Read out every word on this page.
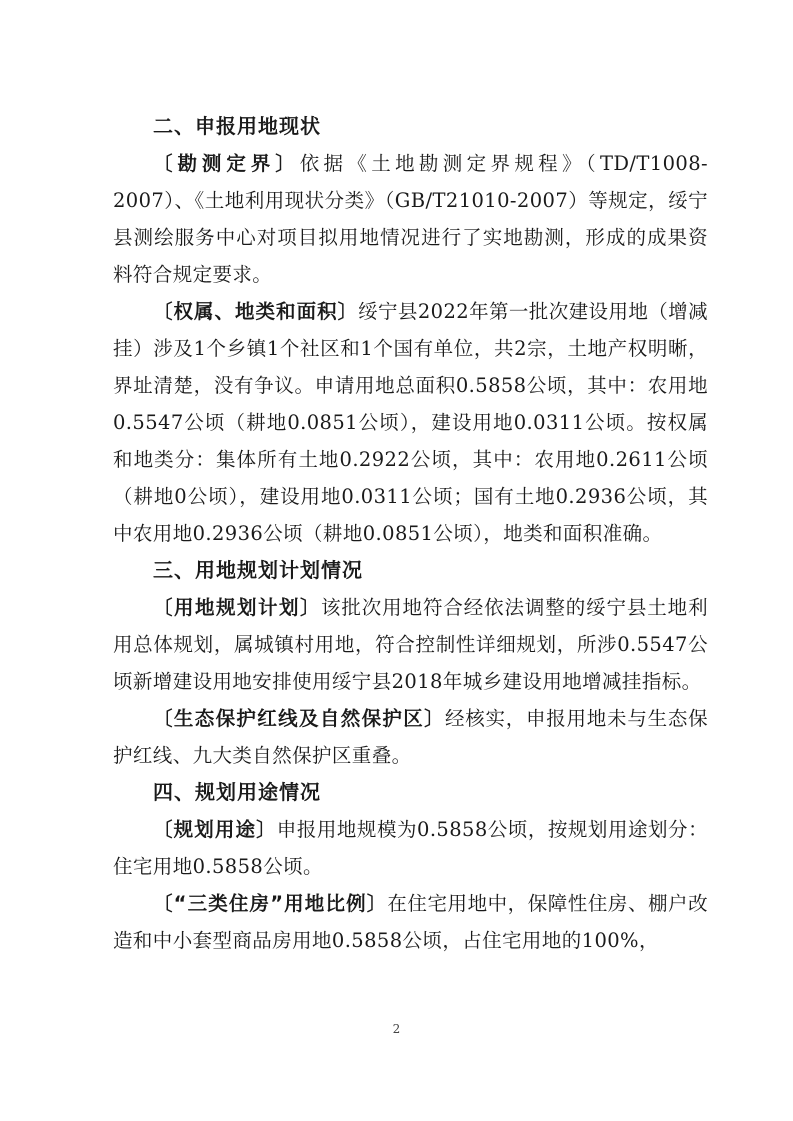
二、申报用地现状

〔勘测定界〕依据《土地勘测定界规程》（TD/T1008-2007）、《土地利用现状分类》（GB/T21010-2007）等规定，绥宁县测绘服务中心对项目拟用地情况进行了实地勘测，形成的成果资料符合规定要求。

〔权属、地类和面积〕绥宁县2022年第一批次建设用地（增减挂）涉及1个乡镇1个社区和1个国有单位，共2宗，土地产权明晰，界址清楚，没有争议。申请用地总面积0.5858公顷，其中：农用地0.5547公顷（耕地0.0851公顷），建设用地0.0311公顷。按权属和地类分：集体所有土地0.2922公顷，其中：农用地0.2611公顷（耕地0公顷），建设用地0.0311公顷；国有土地0.2936公顷，其中农用地0.2936公顷（耕地0.0851公顷），地类和面积准确。

三、用地规划计划情况

〔用地规划计划〕该批次用地符合经依法调整的绥宁县土地利用总体规划，属城镇村用地，符合控制性详细规划，所涉0.5547公顷新增建设用地安排使用绥宁县2018年城乡建设用地增减挂指标。

〔生态保护红线及自然保护区〕经核实，申报用地未与生态保护红线、九大类自然保护区重叠。

四、规划用途情况

〔规划用途〕申报用地规模为0.5858公顷，按规划用途划分：住宅用地0.5858公顷。

〔“三类住房”用地比例〕在住宅用地中，保障性住房、棚户改造和中小套型商品房用地0.5858公顷，占住宅用地的100%，

2
